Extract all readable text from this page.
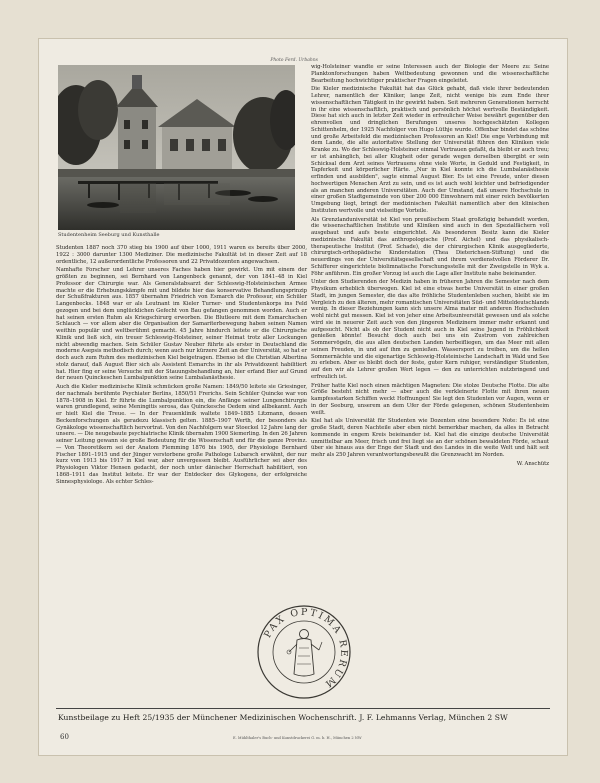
Photo Ferd. Urbahns
Studentenheim Seeburg und Kunsthalle

Studenten 1887 noch 370 stieg bis 1900 auf über 1000, 1911 waren es bereits über 2000, 1922 : 3000 darunter 1300 Mediziner. Die medizinische Fakultät ist in dieser Zeit auf 18 ordentliche, 12 außerordentliche Professoren und 22 Privatdozenten angewachsen.

Namhafte Forscher und Lehrer unseres Faches haben hier gewirkt. Um mit einem der größten zu beginnen, sei Bernhard von Langenbeck genannt, der von 1841–48 in Kiel Professor der Chirurgie war. Als Generalstabsarzt der Schleswig-Holsteinischen Armee machte er die Erhebungskämpfe mit und bildete hier das konservative Behandlungsprinzip der Schußfrakturen aus. 1857 übernahm Friedrich von Esmarch die Professur, ein Schüler Langenbecks. 1848 war er als Leutnant im Kieler Turner- und Studentenkorps ins Feld gezogen und bei dem unglücklichen Gefecht von Bau gefangen genommen worden. Auch er hat seinen ersten Ruhm als Kriegschirurg erworben. Die Blutleere mit dem Esmarchschen Schlauch — vor allem aber die Organisation der Samariterbewegung haben seinen Namen weithin populär und weltberühmt gemacht. 45 Jahre hindurch leitete er die Chirurgische Klinik und ließ sich, ein treuer Schleswig-Holsteiner, seiner Heimat trotz aller Lockungen nicht abwendig machen. Sein Schüler Gustav Neuber führte als erster in Deutschland die moderne Asepsis methodisch durch; wenn auch nur kürzere Zeit an der Universität, so hat er doch auch zum Ruhm des medizinischen Kiel beigetragen. Ebenso ist die Christian Albertina stolz darauf, daß August Bier sich als Assistent Esmarchs in ihr als Privatdozent habilitiert hat. Hier fing er seine Versuche mit der Stauungsbehandlung an, hier erfand Bier auf Grund der neuen Quinckeschen Lumbalpunktion seine Lumbalanästhesie.

Auch die Kieler medizinische Klinik schmücken große Namen: 1849/50 leitete sie Griesinger, der nachmals berühmte Psychiater Berlins, 1850/51 Frerichs. Sein Schüler Quincke war von 1878–1908 in Kiel. Er führte die Lumbalpunktion ein, die Anfänge seiner Lungenchirurgie waren grundlegend, seine Meningitis serosa, das Quinckesche Oedem sind allbekannt. Auch er hielt Kiel die Treue. — In der Frauenklinik waltete 1849–1885 Litzmann, dessen Beckenforschungen als geradezu klassisch gelten. 1885–1907 Werth, der besonders als Gynäkologe wissenschaftlich hervortrat. Von den Nachfolgern war Stoeckel 12 Jahre lang der unsere. — Die neugebaute psychiatrische Klinik übernahm 1900 Siemerling. In den 26 Jahren seiner Leitung gewann sie große Bedeutung für die Wissenschaft und für die ganze Provinz. — Von Theoretikern sei der Anatom Flemming 1876 bis 1905, der Physiologe Bernhard Fischer 1891–1915 und der Jünger verstorbene große Pathologe Lubarsch erwähnt, der nur kurz von 1913 bis 1917 in Kiel war, aber unvergessen bleibt. Ausführlicher sei aber des Physiologen Viktor Hensen gedacht, der noch unter dänischer Herrschaft habilitiert, von 1868–1911 das Institut leitete. Er war der Entdecker des Glykogens, der erfolgreiche Sinnesphysiologe. Als echter Schles-

wig-Holsteiner wandte er seine Interessen auch der Biologie der Meere zu: Seine Planktonforschungen haben Weltbedeutung gewonnen und die wissenschaftliche Bearbeitung hochwichtiger praktischer Fragen eingeleitet.

Die Kieler medizinische Fakultät hat das Glück gehabt, daß viele ihrer bedeutenden Lehrer, namentlich der Kliniker, lange Zeit, nicht wenige bis zum Ende ihrer wissenschaftlichen Tätigkeit in ihr gewirkt haben. Seit mehreren Generationen herrscht in ihr eine wissenschaftlich, praktisch und persönlich höchst wertvolle Beständigkeit. Diese hat sich auch in letzter Zeit wieder in erfreulicher Weise bewährt gegenüber den ehrenvollen und dringlichen Berufungen unseres hochgeschätzten Kollegen Schittenhelm, der 1925 Nachfolger von Hugo Lüthje wurde. Offenbar bindet das schöne und große Arbeitsfeld die medizinischen Professoren an Kiel! Die enge Verbindung mit dem Lande, die alte autoritative Stellung der Universität führen den Kliniken viele Kranke zu. Wo der Schleswig-Holsteiner einmal Vertrauen gefaßt, da bleibt er auch treu; er ist anhänglich, bei aller Klugheit oder gerade wegen derselben übergibt er sein Schicksal dem Arzt seines Vertrauens ohne viele Worte, in Geduld und Festigkeit, in Tapferkeit und körperlicher Härte. „Nur in Kiel konnte ich die Lumbalanästhesie erfinden und ausbilden", sagte einmal August Bier. Es ist eine Freude, unter diesen hochwertigen Menschen Arzt zu sein, und es ist auch wohl leichter und befriedigender als an manchen anderen Universitäten. Auch der Umstand, daß unsere Hochschule in einer großen Stadtgemeinde von über 200 000 Einwohnern mit einer reich bevölkerten Umgebung liegt, bringt der medizinischen Fakultät namentlich aber den klinischen Instituten wertvolle und vielseitige Vorteile.

Als Grenzlanduniversität ist Kiel von preußischem Staat großzügig behandelt worden, die wissenschaftlichen Institute und Kliniken sind auch in den Spezialfächern voll ausgebaut und aufs beste eingerichtet. Als besonderen Besitz kann die Kieler medizinische Fakultät das anthropologische (Prof. Aichel) und das physikalisch-therapeutische Institut (Prof. Schade), die der chirurgischen Klinik ausgegliederte, chirurgisch-orthopädische Kinderstation (Thea Dieterichsen-Stiftung) und die neuerdings von der Universitätsgesellschaft und ihrem verdienstvollen Förderer Dr. Schifferer eingerichtete biolimnatische Forschungsstelle mit der Zweigstelle in Wyk a. Föhr anführen. Ein großer Vorzug ist auch die Lage aller Institute nahe beieinander.

Unter den Studierenden der Medizin haben in früheren Jahren die Semester nach dem Physikum erheblich überwogen. Kiel ist eine etwas herbe Universität in einer großen Stadt, im jungen Semester, die das alte fröhliche Studentenleben suchen, bleibt sie im Vergleich zu den älteren, mehr romantischen Universitäten Süd- und Mitteldeutschlands wenig. In dieser Beziehungen kann sich unsere Alma mater mit anderen Hochschulen wohl nicht gut messen. Kiel ist von jeher eine Arbeitsuniversität gewesen und als solche wird sie in neuerer Zeit auch von den jüngeren Medizinern immer mehr erkannt und aufgesucht. Nicht als ob der Student nicht auch in Kiel seine Jugend in Fröhlichkeit genießen könnte! Besucht doch auch bei uns ein Zustrom von zahlreichen Sommervögeln, die aus allen deutschen Landen herbeifliegen, um das Meer mit allen seinen Freuden, in und auf ihm zu genießen. Wassersport zu treiben, um die hellen Sommernächte und die eigenartige Schleswig-Holsteinische Landschaft in Wald und See zu erleben. Aber es bleibt doch der feste, guter Kern ruhiger, verständiger Studenten, auf den wir als Lehrer großen Wert legen — den zu unterrichten nutzbringend und erfreulich ist.

Früher hatte Kiel noch einen mächtigen Magneten: Die stolze Deutsche Flotte. Die alte Größe besteht nicht mehr — aber auch die verkleinerte Flotte mit ihren neuen kampfesstarken Schiffen weckt Hoffnungen! Sie legt den Studenten vor Augen, wenn er in der Seeburg, unserem an dem Ufer der Förde gelegenen, schönen Studentenheim weilt.

Kiel hat als Universität für Studenten wie Dozenten eine besondere Note: Es ist eine große Stadt, deren Nachteile aber eben nicht bemerkbar machen, da alles in Betracht kommende in engem Kreis beieinander ist. Kiel hat die einzige deutsche Universität unmittelbar am Meer, frisch und frei liegt sie an der schönen bewaldeten Förde, schaut über sie hinaus aus der Enge der Stadt und des Landes in die weite Welt und hält seit mehr als 250 Jahren verantwortungsbewußt die Grenzwacht im Norden.

W. Anschütz

PAX OPTIMA RERUM
Kunstbeilage zu Heft 25/1935 der Münchener Medizinischen Wochenschrift. J. F. Lehmanns Verlag, München 2 SW
60	E. Mühlthaler's Buch- und Kunstdruckerei G. m. b. H., München 2 NW
